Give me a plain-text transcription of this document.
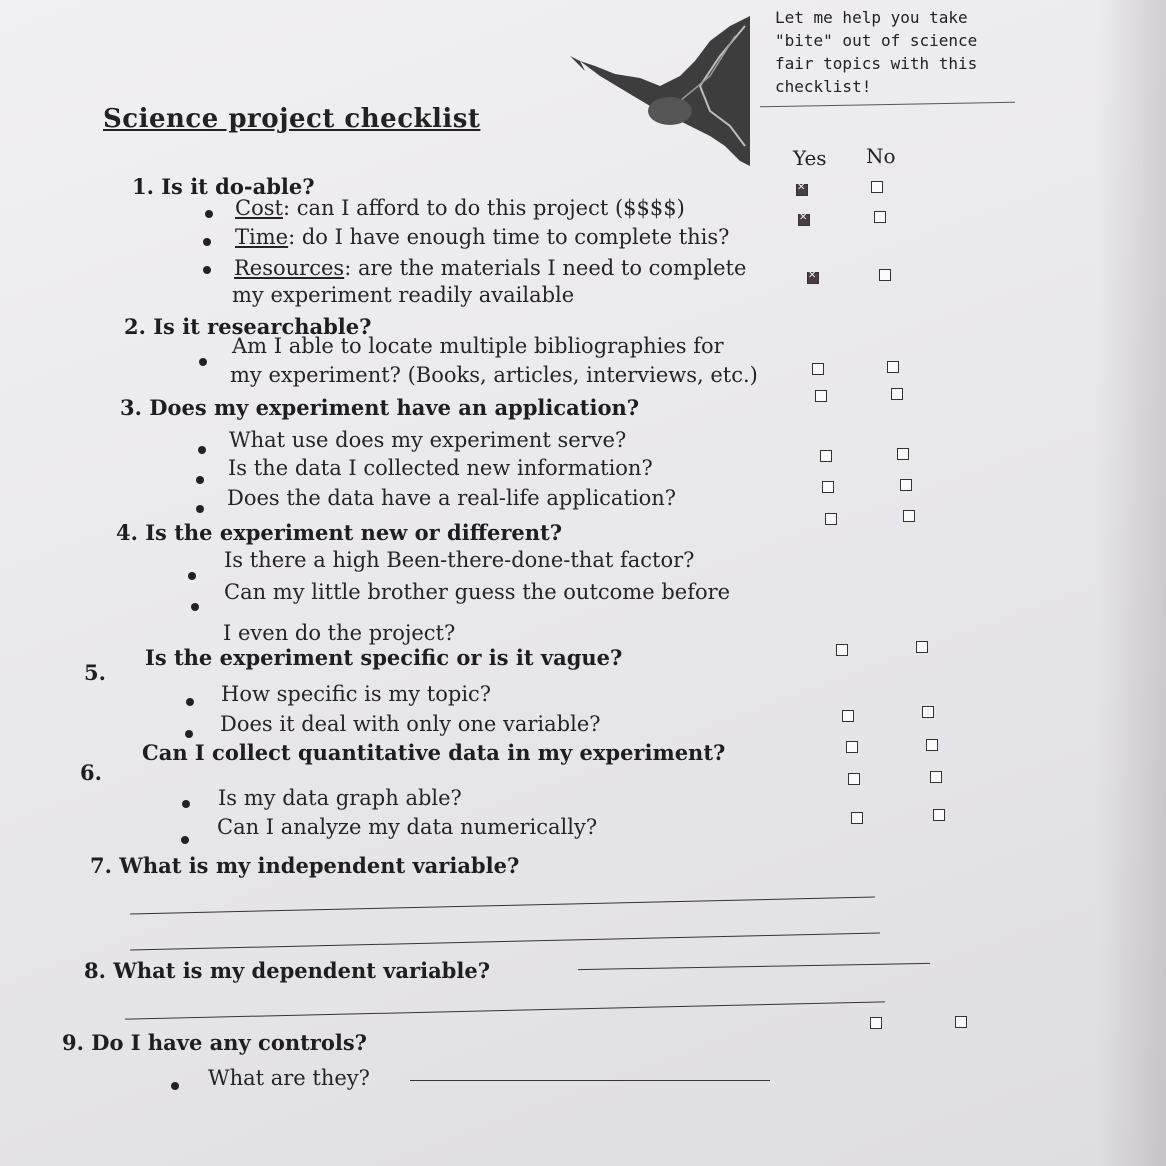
Let me help you take
"bite" out of science
fair topics with this
checklist!
Science project checklist
Yes No
1. Is it do-able?
Cost: can I afford to do this project ($$$$)
✕
Time: do I have enough time to complete this?
✕
Resources: are the materials I need to complete
my experiment readily available
✕
2. Is it researchable?
Am I able to locate multiple bibliographies for
my experiment? (Books, articles, interviews, etc.)
3. Does my experiment have an application?
What use does my experiment serve?
Is the data I collected new information?
Does the data have a real-life application?
4. Is the experiment new or different?
Is there a high Been-there-done-that factor?
Can my little brother guess the outcome before
I even do the project?
5.
Is the experiment specific or is it vague?
How specific is my topic?
Does it deal with only one variable?
6.
Can I collect quantitative data in my experiment?
Is my data graph able?
Can I analyze my data numerically?
7. What is my independent variable?
8. What is my dependent variable?
9. Do I have any controls?
What are they?
